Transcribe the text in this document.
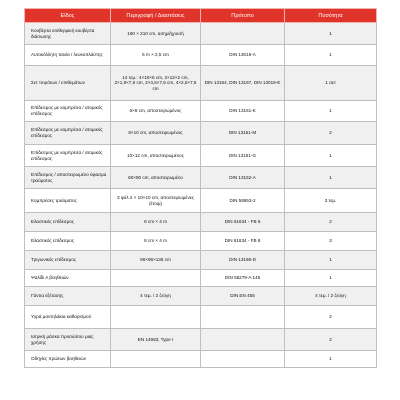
Είδος	Περιγραφή / Διαστάσεις	Πρότυπο	Ποσότητα
Κουβέρτα ισοθερμική κουβέρτα διάσωσης	160 × 210 cm, ασημί/χρυσή		1
Αυτοκόλλητη ταινία / λευκοπλάστης	5 m × 2,5 cm	DIN 13019-A	1
Σετ τσιρότων / επιθεμάτων	14 τεμ.: 4×10×6 cm, 2×12×2 cm, 2×1,9×7,6 cm, 2×4,5×7,6 cm, 4×2,5×7,6 cm	DIN 13164, DIN 13167, DIN 13019-E	1 σετ
Επίδεσμος με κομπρέσα / ατομικός επίδεσμος	6×8 cm, αποστειρωμένος	DIN 13151-K	1
Επίδεσμος με κομπρέσα / ατομικός επίδεσμος	8×10 cm, αποστειρωμένος	DIN 13151-M	2
Επίδεσμος με κομπρέσα / ατομικός επίδεσμος	10×12 cm, αποστειρωμένος	DIN 13151-G	1
Επίδεσμος / αποστειρωμένο ύφασμα τραύματος	60×80 cm, αποστειρωμένο	DIN 13152-A	1
Κομπρέσες τραύματος	3 φύλ 2 × 10×10 cm, αποστειρωμένες (έτοιμ)	DIN 58953-2	3 τεμ.
Ελαστικός επίδεσμος	6 cm × 4 m	DIN 61634 - FB 6	2
Ελαστικός επίδεσμος	8 cm × 4 m	DIN 61634 - FB 8	3
Τριγωνικός επίδεσμος	96×96×136 cm	DIN 13168-D	1
Ψαλίδι Α βοηθειών		DIN 58279-A 145	1
Γάντια εξέτασης	4 τεμ. / 2 ζεύγη	DIN EN 455	4 τεμ. / 2 ζεύγη
Υγρά μαντηλάκια καθαρισμού			2
Ιατρική μάσκα προσώπου μιας χρήσης	EN 14683, Type I		2
Οδηγίες πρώτων βοηθειών			1
